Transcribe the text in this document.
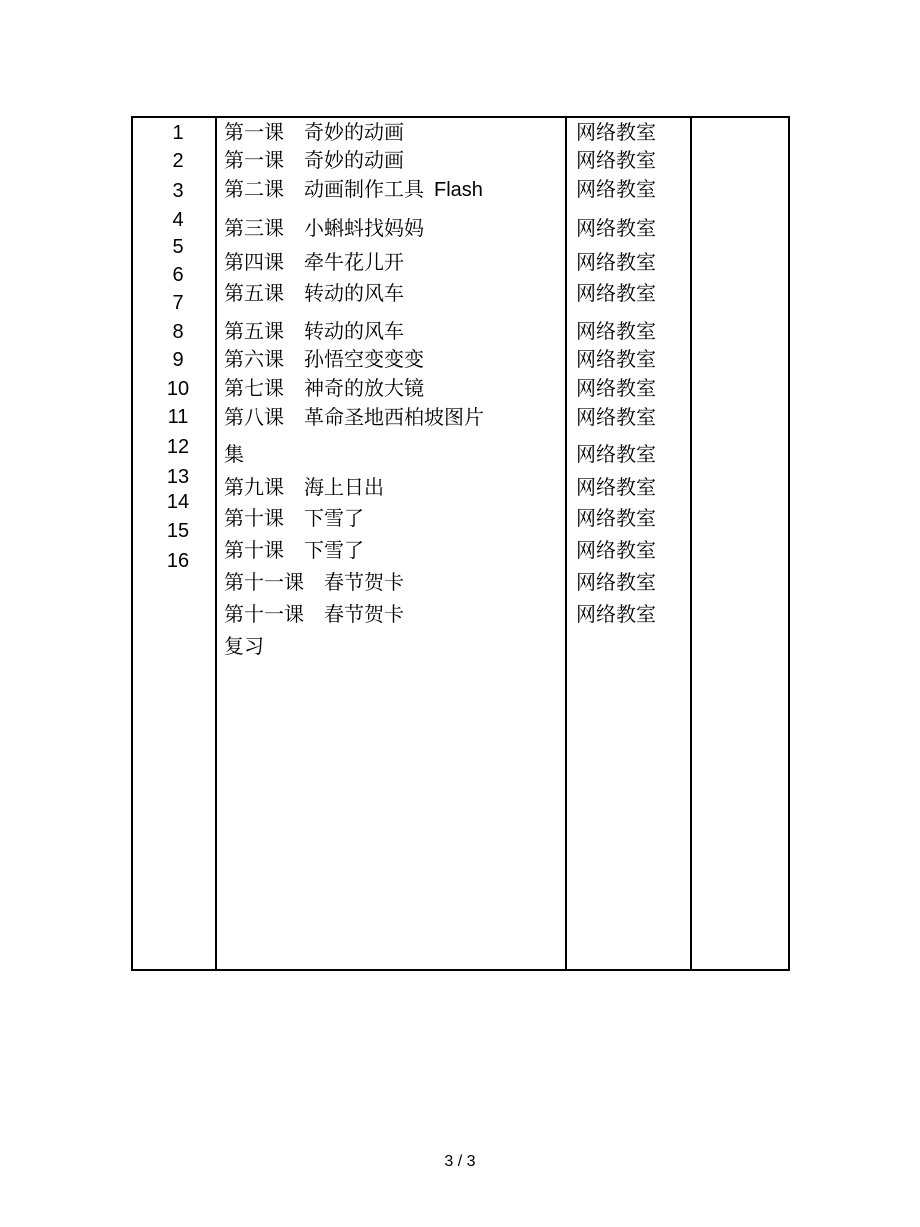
1
2
3
4
5
6
7
8
9
10
11
12
13
14
15
16
第一课　奇妙的动画
第一课　奇妙的动画
第二课　动画制作工具 Flash
第三课　小蝌蚪找妈妈
第四课　牵牛花儿开
第五课　转动的风车
第五课　转动的风车
第六课　孙悟空变变变
第七课　神奇的放大镜
第八课　革命圣地西柏坡图片
集
第九课　海上日出
第十课　下雪了
第十课　下雪了
第十一课　春节贺卡
第十一课　春节贺卡
复习
网络教室
网络教室
网络教室
网络教室
网络教室
网络教室
网络教室
网络教室
网络教室
网络教室
网络教室
网络教室
网络教室
网络教室
网络教室
网络教室
3 / 3
